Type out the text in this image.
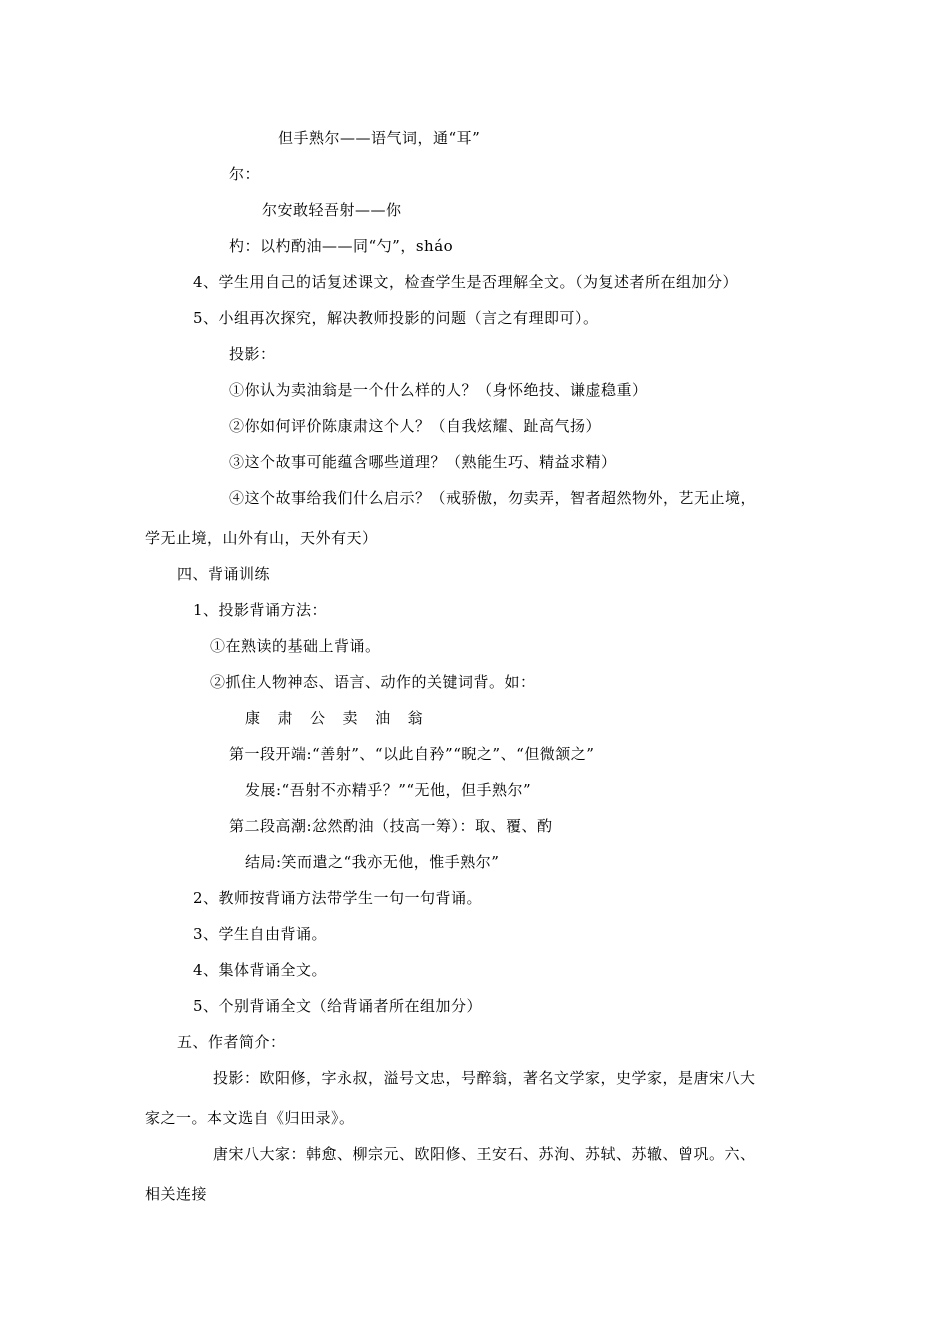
但手熟尔——语气词，通“耳”
尔：
尔安敢轻吾射——你
杓：以杓酌油——同“勺”，sháo
4、学生用自己的话复述课文，检查学生是否理解全文。（为复述者所在组加分）
5、小组再次探究，解决教师投影的问题（言之有理即可）。
投影：
①你认为卖油翁是一个什么样的人？（身怀绝技、谦虚稳重）
②你如何评价陈康肃这个人？（自我炫耀、趾高气扬）
③这个故事可能蕴含哪些道理？（熟能生巧、精益求精）
④这个故事给我们什么启示？（戒骄傲，勿卖弄，智者超然物外，艺无止境，
学无止境，山外有山，天外有天）
四、背诵训练
1、投影背诵方法：
①在熟读的基础上背诵。
②抓住人物神态、语言、动作的关键词背。如：
康 肃 公 卖 油 翁
第一段开端:“善射”、“以此自矜”“睨之”、“但微颔之”
发展:“吾射不亦精乎？”“无他，但手熟尔”
第二段高潮:忿然酌油（技高一筹）：取、覆、酌
结局:笑而遣之“我亦无他，惟手熟尔”
2、教师按背诵方法带学生一句一句背诵。
3、学生自由背诵。
4、集体背诵全文。
5、个别背诵全文（给背诵者所在组加分）
五、作者简介：
投影：欧阳修，字永叔，溢号文忠，号醉翁，著名文学家，史学家，是唐宋八大
家之一。本文选自《归田录》。
唐宋八大家：韩愈、柳宗元、欧阳修、王安石、苏洵、苏轼、苏辙、曾巩。六、
相关连接
